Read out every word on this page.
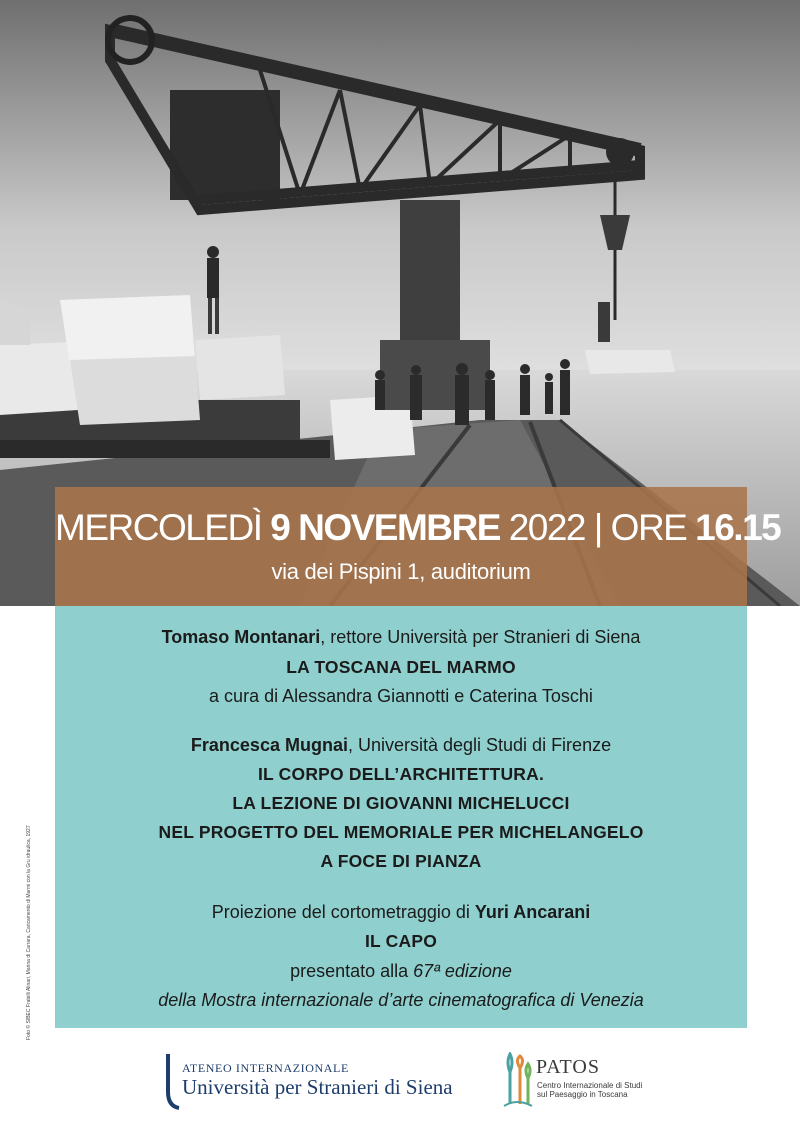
MERCOLEDÌ 9 NOVEMBRE 2022 | ORE 16.15
via dei Pispini 1, auditorium
Tomaso Montanari, rettore Università per Stranieri di Siena
LA TOSCANA DEL MARMO
a cura di Alessandra Giannotti e Caterina Toschi
Francesca Mugnai, Università degli Studi di Firenze
IL CORPO DELL’ARCHITETTURA.
LA LEZIONE DI GIOVANNI MICHELUCCI
NEL PROGETTO DEL MEMORIALE PER MICHELANGELO
A FOCE DI PIANZA
Proiezione del cortometraggio di Yuri Ancarani
IL CAPO
presentato alla 67ª edizione
della Mostra internazionale d’arte cinematografica di Venezia
Foto © SIBEC Fratelli Alinari, Marina di Carrara, Caricamento di Marmi con la Gru idraulica, 1927
ATENEO INTERNAZIONALE
Università per Stranieri di Siena
PATOS
Centro Internazionale di Studi
sul Paesaggio in Toscana
